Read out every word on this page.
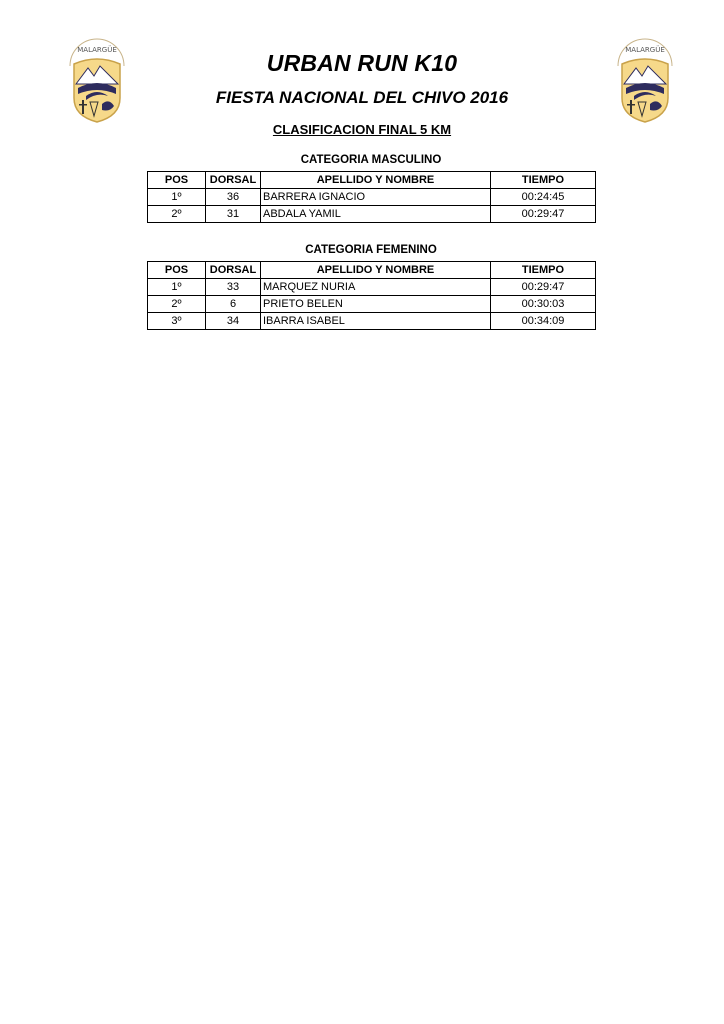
MALARGÜE	MALARGÜE
URBAN RUN K10
FIESTA NACIONAL DEL CHIVO 2016
CLASIFICACION FINAL 5 KM
CATEGORIA MASCULINO
POS	DORSAL	APELLIDO Y NOMBRE	TIEMPO
1º	36	BARRERA IGNACIO	00:24:45
2º	31	ABDALA YAMIL	00:29:47
CATEGORIA FEMENINO
POS	DORSAL	APELLIDO Y NOMBRE	TIEMPO
1º	33	MARQUEZ NURIA	00:29:47
2º	6	PRIETO BELEN	00:30:03
3º	34	IBARRA ISABEL	00:34:09
